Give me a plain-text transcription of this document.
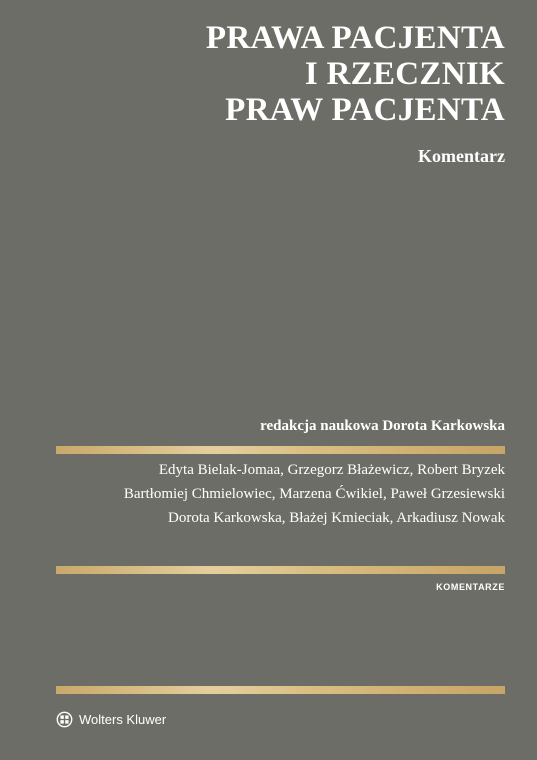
PRAWA PACJENTA
I RZECZNIK
PRAW PACJENTA
Komentarz
redakcja naukowa Dorota Karkowska
Edyta Bielak-Jomaa, Grzegorz Błażewicz, Robert Bryzek
Bartłomiej Chmielowiec, Marzena Ćwikiel, Paweł Grzesiewski
Dorota Karkowska, Błażej Kmieciak, Arkadiusz Nowak
KOMENTARZE
Wolters Kluwer
